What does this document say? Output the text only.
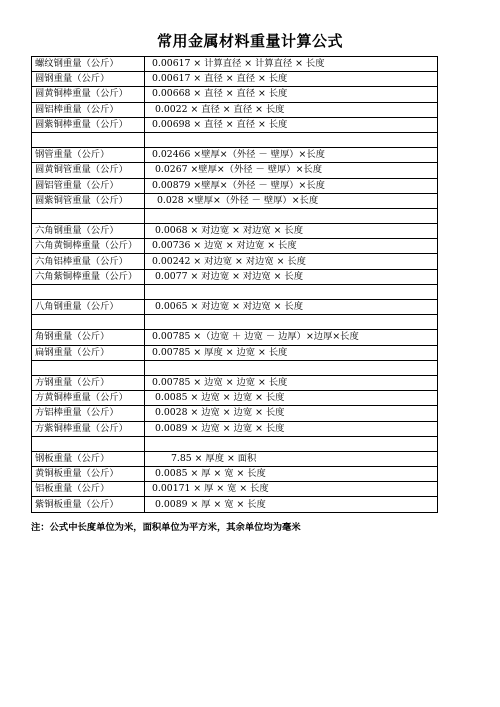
常用金属材料重量计算公式
螺纹钢重量（公斤）	0.00617 × 计算直径 × 计算直径 × 长度
圆钢重量（公斤）	0.00617 × 直径 × 直径 × 长度
圆黄铜棒重量（公斤）	0.00668 × 直径 × 直径 × 长度
圆铝棒重量（公斤）	0.0022 × 直径 × 直径 × 长度
圆紫铜棒重量（公斤）	0.00698 × 直径 × 直径 × 长度

钢管重量（公斤）	0.02466 ×壁厚×（外径 － 壁厚）×长度
圆黄铜管重量（公斤）	0.0267 ×壁厚×（外径 － 壁厚）×长度
圆铝管重量（公斤）	0.00879 ×壁厚×（外径 － 壁厚）×长度
圆紫铜管重量（公斤）	0.028 ×壁厚×（外径 － 壁厚）×长度

六角钢重量（公斤）	0.0068 × 对边宽 × 对边宽 × 长度
六角黄铜棒重量（公斤）	0.00736 × 边宽 × 对边宽 × 长度
六角铝棒重量（公斤）	0.00242 × 对边宽 × 对边宽 × 长度
六角紫铜棒重量（公斤）	0.0077 × 对边宽 × 对边宽 × 长度

八角钢重量（公斤）	0.0065 × 对边宽 × 对边宽 × 长度

角钢重量（公斤）	0.00785 ×（边宽 ＋ 边宽 － 边厚）×边厚×长度
扁钢重量（公斤）	0.00785 × 厚度 × 边宽 × 长度

方钢重量（公斤）	0.00785 × 边宽 × 边宽 × 长度
方黄铜棒重量（公斤）	0.0085 × 边宽 × 边宽 × 长度
方铝棒重量（公斤）	0.0028 × 边宽 × 边宽 × 长度
方紫铜棒重量（公斤）	0.0089 × 边宽 × 边宽 × 长度

钢板重量（公斤）	7.85 × 厚度 × 面积
黄铜板重量（公斤）	0.0085 × 厚 × 宽 × 长度
铝板重量（公斤）	0.00171 × 厚 × 宽 × 长度
紫铜板重量（公斤）	0.0089 × 厚 × 宽 × 长度
注：公式中长度单位为米，面积单位为平方米，其余单位均为毫米
